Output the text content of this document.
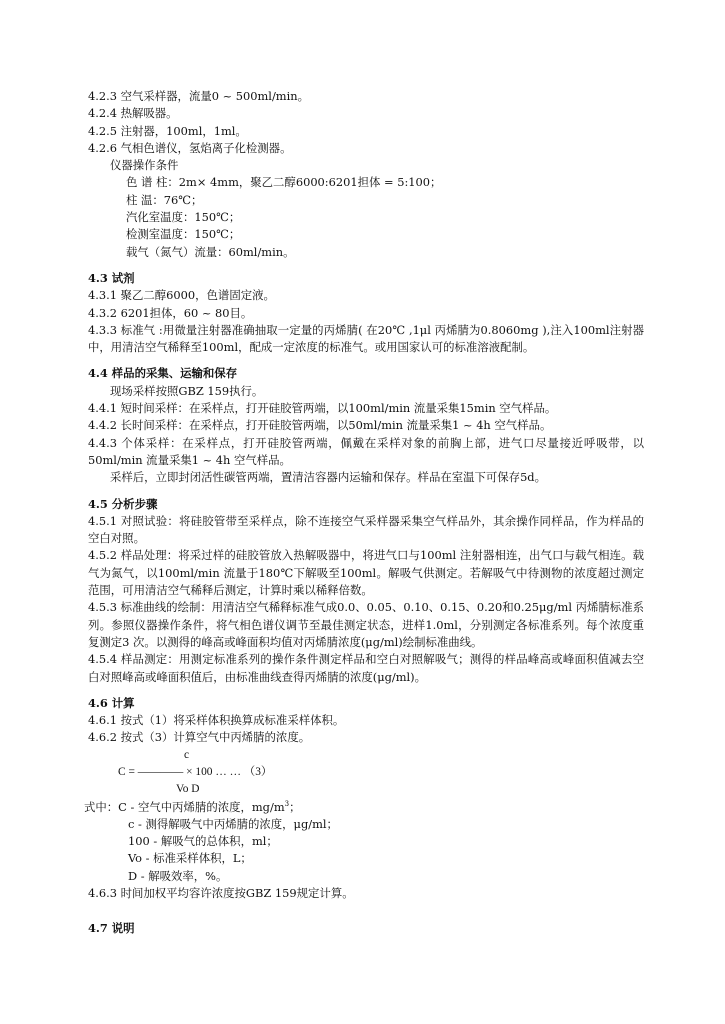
4.2.3 空气采样器，流量0 ~ 500ml/min。
4.2.4 热解吸器。
4.2.5 注射器，100ml，1ml。
4.2.6 气相色谱仪，氢焰离子化检测器。
仪器操作条件
色 谱 柱：2m× 4mm，聚乙二醇6000:6201担体 = 5:100；
柱 温：76℃；
汽化室温度：150℃；
检测室温度：150℃；
载气（氮气）流量：60ml/min。
4.3 试剂
4.3.1 聚乙二醇6000，色谱固定液。
4.3.2 6201担体，60 ~ 80目。
4.3.3 标准气 :用微量注射器准确抽取一定量的丙烯腈( 在20℃ ,1μl 丙烯腈为0.8060mg ),注入100ml注射器中，用清洁空气稀释至100ml，配成一定浓度的标准气。或用国家认可的标准溶液配制。
4.4 样品的采集、运输和保存
现场采样按照GBZ 159执行。
4.4.1 短时间采样：在采样点，打开硅胶管两端，以100ml/min 流量采集15min 空气样品。
4.4.2 长时间采样：在采样点，打开硅胶管两端，以50ml/min 流量采集1 ~ 4h 空气样品。
4.4.3 个体采样：在采样点，打开硅胶管两端，佩戴在采样对象的前胸上部，进气口尽量接近呼吸带，以50ml/min 流量采集1 ~ 4h 空气样品。
采样后，立即封闭活性碳管两端，置清洁容器内运输和保存。样品在室温下可保存5d。
4.5 分析步骤
4.5.1 对照试验：将硅胶管带至采样点，除不连接空气采样器采集空气样品外，其余操作同样品，作为样品的空白对照。
4.5.2 样品处理：将采过样的硅胶管放入热解吸器中，将进气口与100ml 注射器相连，出气口与载气相连。载气为氮气，以100ml/min 流量于180℃下解吸至100ml。解吸气供测定。若解吸气中待测物的浓度超过测定范围，可用清洁空气稀释后测定，计算时乘以稀释倍数。
4.5.3 标准曲线的绘制：用清洁空气稀释标准气成0.0、0.05、0.10、0.15、0.20和0.25μg/ml 丙烯腈标准系列。参照仪器操作条件，将气相色谱仪调节至最佳测定状态，进样1.0ml，分别测定各标准系列。每个浓度重复测定3 次。以测得的峰高或峰面积均值对丙烯腈浓度(μg/ml)绘制标准曲线。
4.5.4 样品测定：用测定标准系列的操作条件测定样品和空白对照解吸气；测得的样品峰高或峰面积值减去空白对照峰高或峰面积值后，由标准曲线查得丙烯腈的浓度(μg/ml)。
4.6 计算
4.6.1 按式（1）将采样体积换算成标准采样体积。
4.6.2 按式（3）计算空气中丙烯腈的浓度。
c
C = ———— × 100 … … （3）
Vo D
式中：C - 空气中丙烯腈的浓度，$mg/m^3$；
c - 测得解吸气中丙烯腈的浓度，μg/ml；
100 - 解吸气的总体积，ml；
Vo - 标准采样体积，L；
D - 解吸效率，%。
4.6.3 时间加权平均容许浓度按GBZ 159规定计算。
4.7 说明
